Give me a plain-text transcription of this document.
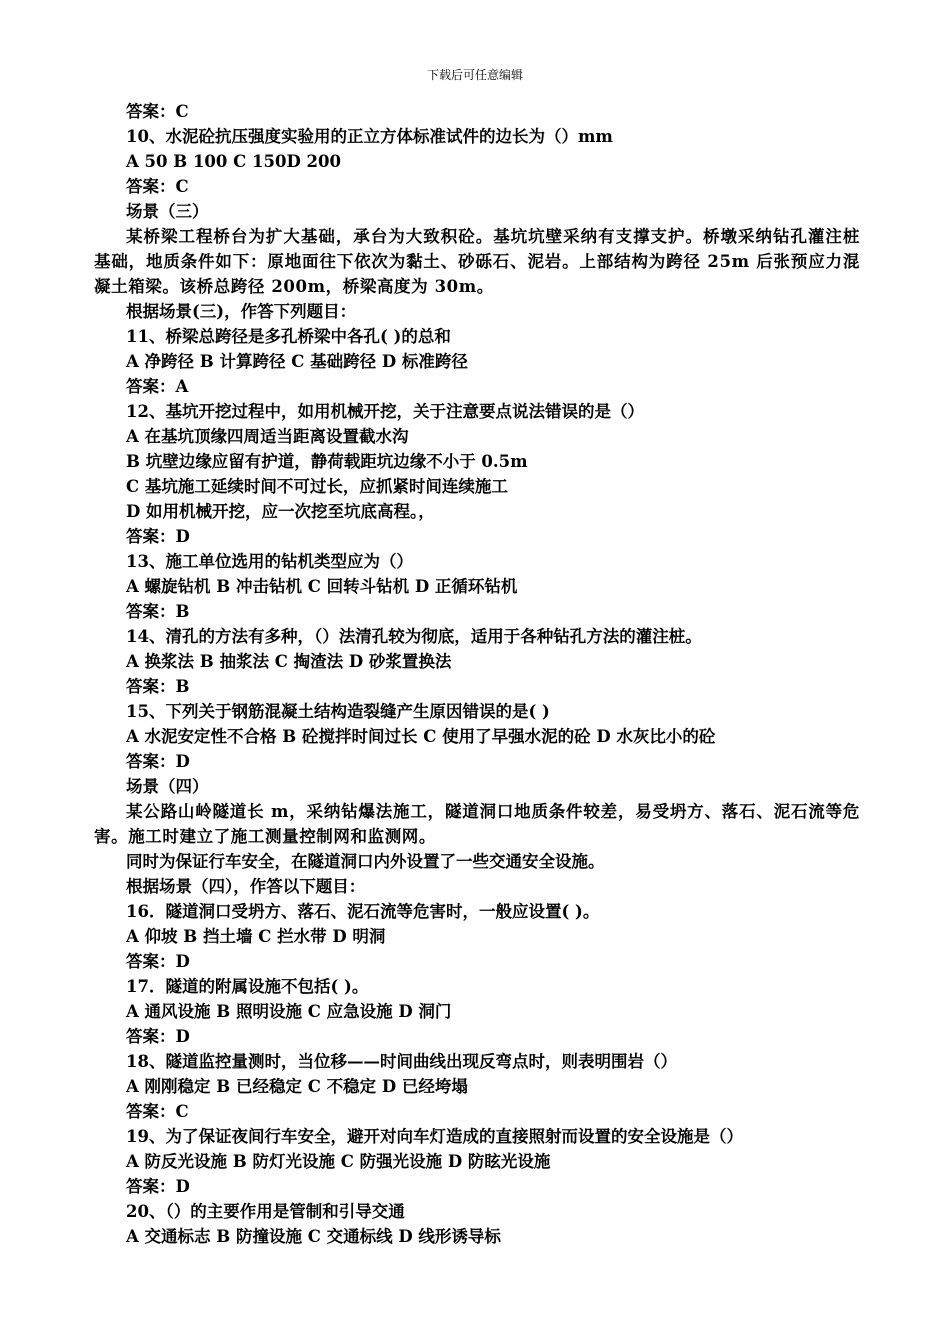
下载后可任意编辑
答案：C
10、水泥砼抗压强度实验用的正立方体标准试件的边长为（）mm
A 50 B 100 C 150D 200
答案：C
场景（三）
某桥梁工程桥台为扩大基础，承台为大致积砼。基坑坑壁采纳有支撑支护。桥墩采纳钻孔灌注桩基础，地质条件如下：原地面往下依次为黏土、砂砾石、泥岩。上部结构为跨径 25m 后张预应力混凝土箱梁。该桥总跨径 200m，桥梁高度为 30m。
根据场景(三)，作答下列题目：
11、桥梁总跨径是多孔桥梁中各孔( )的总和
A 净跨径 B 计算跨径 C 基础跨径 D 标准跨径
答案：A
12、基坑开挖过程中，如用机械开挖，关于注意要点说法错误的是（）
A 在基坑顶缘四周适当距离设置截水沟
B 坑壁边缘应留有护道，静荷载距坑边缘不小于 0.5m
C 基坑施工延续时间不可过长，应抓紧时间连续施工
D 如用机械开挖，应一次挖至坑底高程。，
答案：D
13、施工单位选用的钻机类型应为（）
A 螺旋钻机 B 冲击钻机 C 回转斗钻机 D 正循环钻机
答案：B
14、清孔的方法有多种，（）法清孔较为彻底，适用于各种钻孔方法的灌注桩。
A 换浆法 B 抽浆法 C 掏渣法 D 砂浆置换法
答案：B
15、下列关于钢筋混凝土结构造裂缝产生原因错误的是( )
A 水泥安定性不合格 B 砼搅拌时间过长 C 使用了早强水泥的砼 D 水灰比小的砼
答案：D
场景（四）
某公路山岭隧道长 m，采纳钻爆法施工，隧道洞口地质条件较差，易受坍方、落石、泥石流等危害。施工时建立了施工测量控制网和监测网。
同时为保证行车安全，在隧道洞口内外设置了一些交通安全设施。
根据场景（四），作答以下题目：
16．隧道洞口受坍方、落石、泥石流等危害时，一般应设置( )。
A 仰坡 B 挡土墙 C 拦水带 D 明洞
答案：D
17．隧道的附属设施不包括( )。
A 通风设施 B 照明设施 C 应急设施 D 洞门
答案：D
18、隧道监控量测时，当位移——时间曲线出现反弯点时，则表明围岩（）
A 刚刚稳定 B 已经稳定 C 不稳定 D 已经垮塌
答案：C
19、为了保证夜间行车安全，避开对向车灯造成的直接照射而设置的安全设施是（）
A 防反光设施 B 防灯光设施 C 防强光设施 D 防眩光设施
答案：D
20、（）的主要作用是管制和引导交通
A 交通标志 B 防撞设施 C 交通标线 D 线形诱导标
